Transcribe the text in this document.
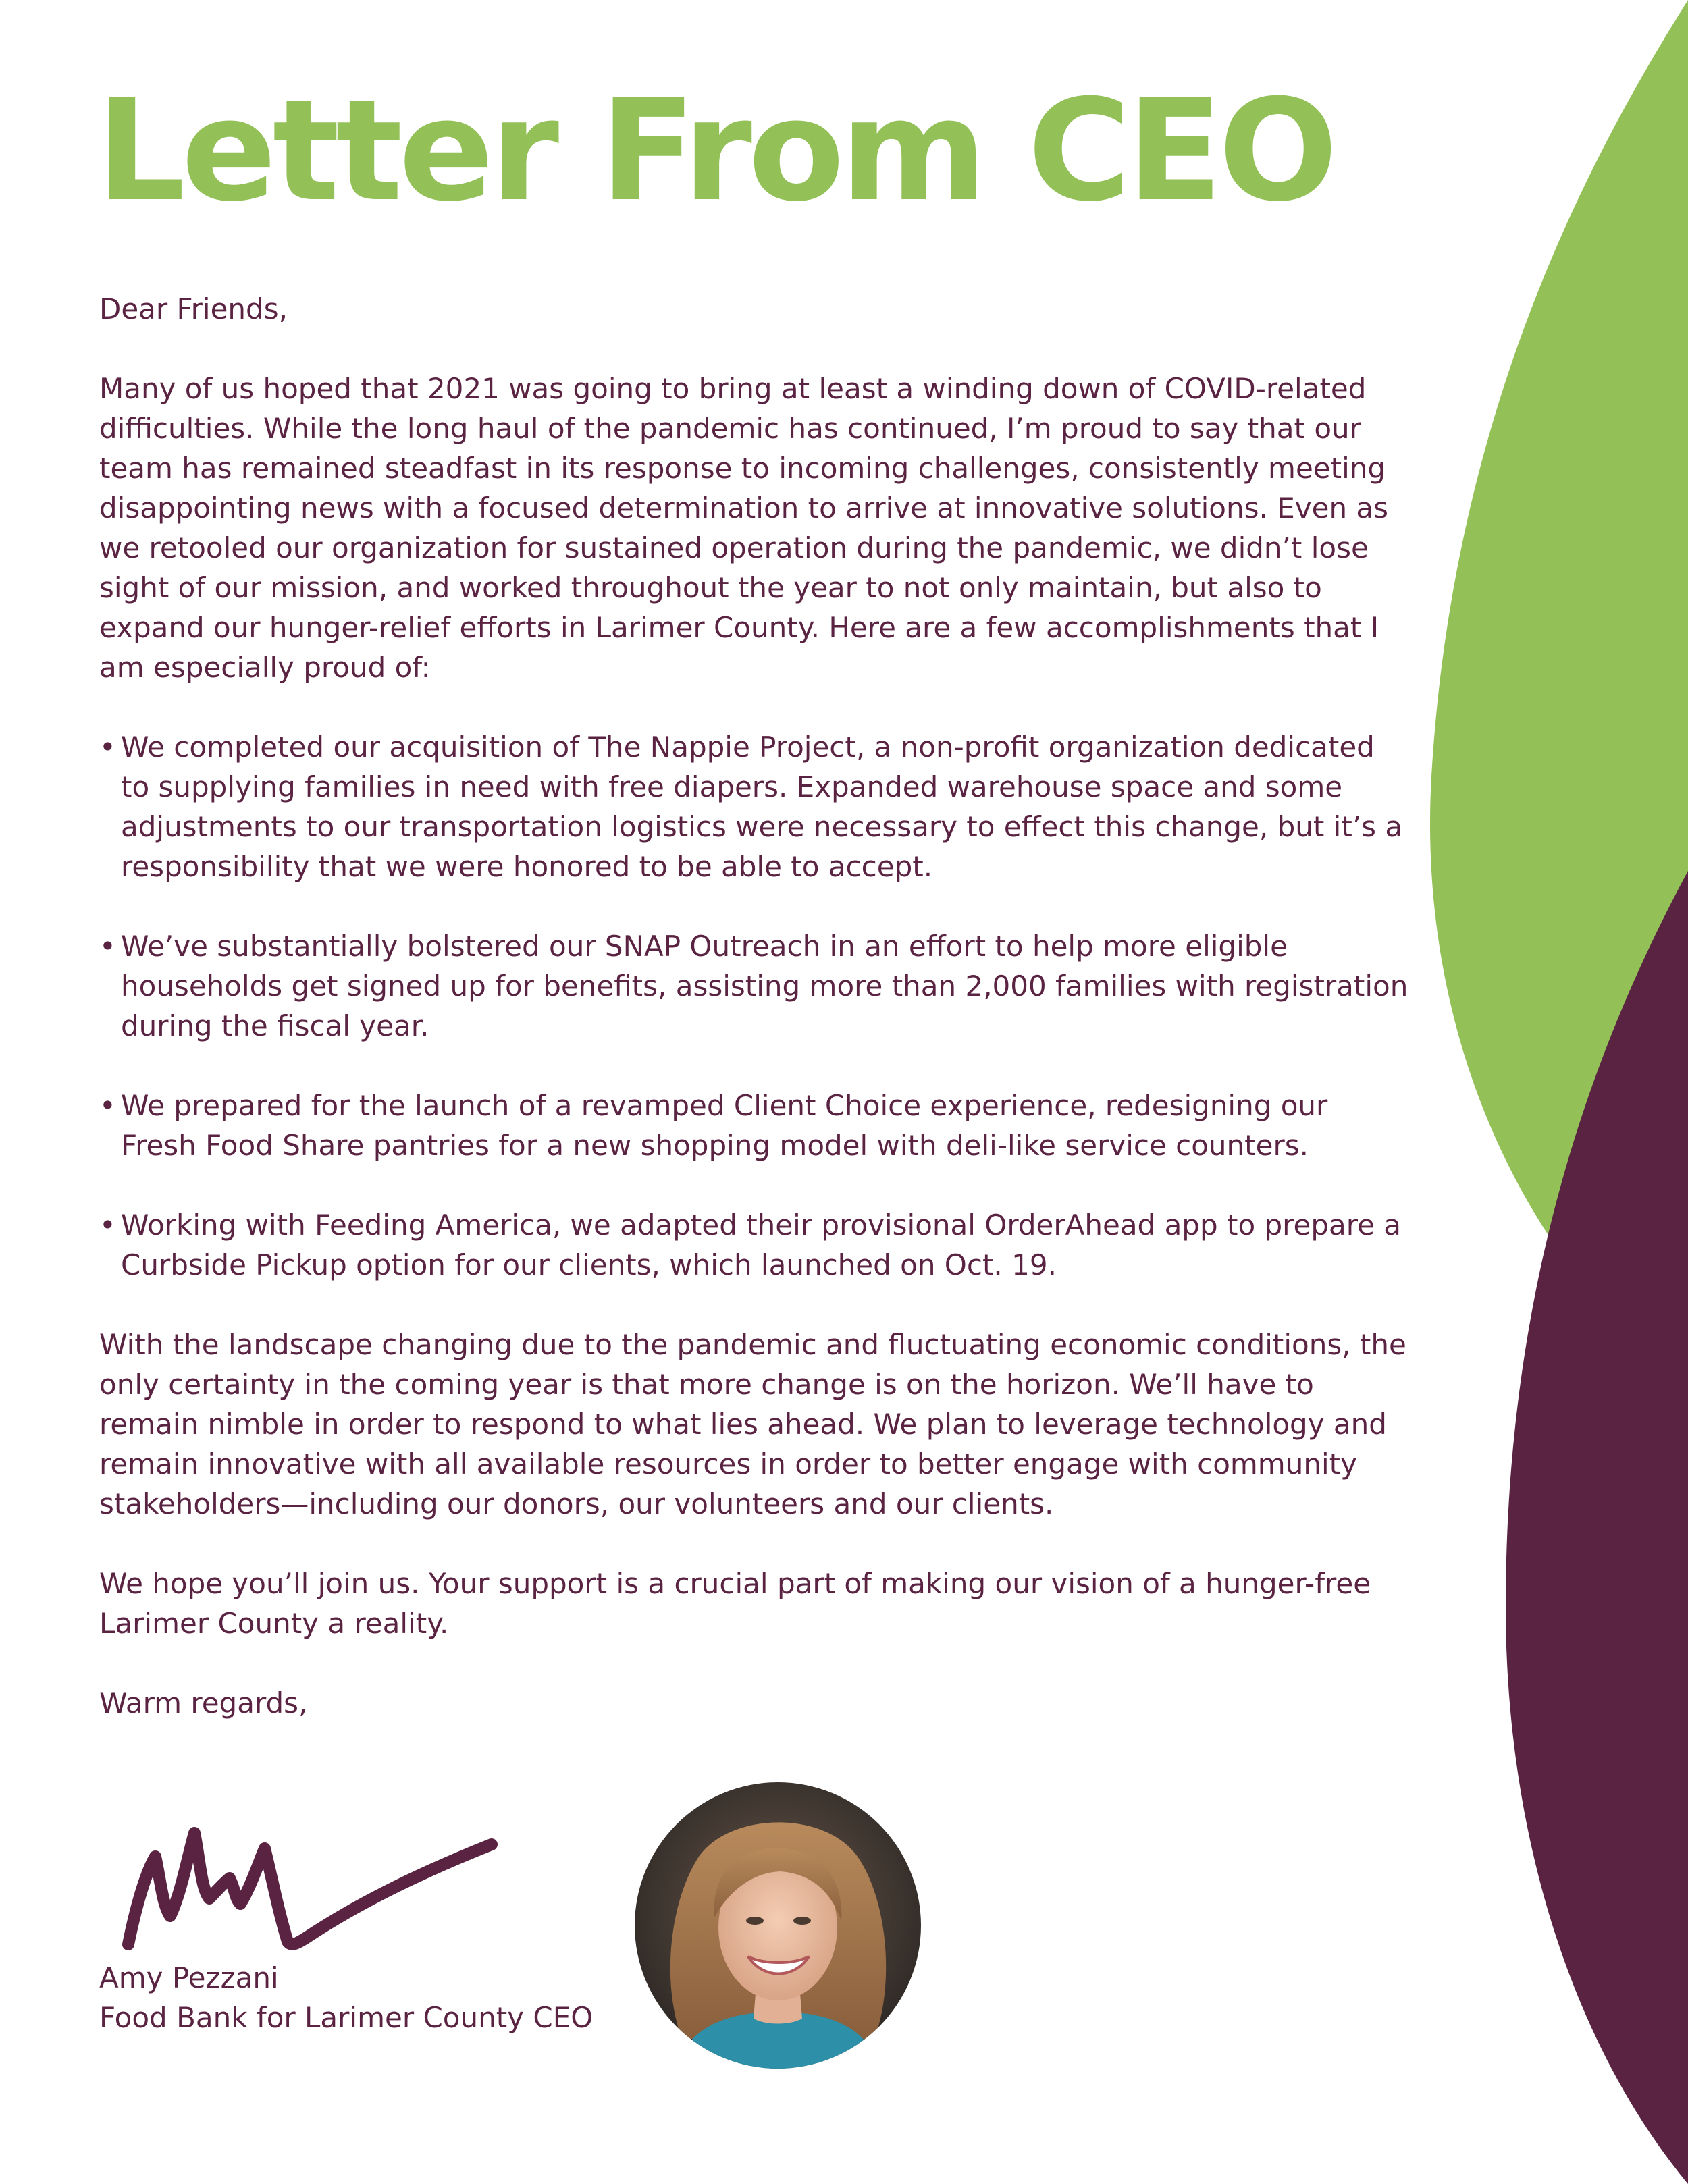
Letter From CEO

Dear Friends,

Many of us hoped that 2021 was going to bring at least a winding down of COVID-related difficulties. While the long haul of the pandemic has continued, I’m proud to say that our team has remained steadfast in its response to incoming challenges, consistently meeting disappointing news with a focused determination to arrive at innovative solutions. Even as we retooled our organization for sustained operation during the pandemic, we didn’t lose sight of our mission, and worked throughout the year to not only maintain, but also to expand our hunger-relief efforts in Larimer County. Here are a few accomplishments that I am especially proud of:

• We completed our acquisition of The Nappie Project, a non-profit organization dedicated to supplying families in need with free diapers. Expanded warehouse space and some adjustments to our transportation logistics were necessary to effect this change, but it’s a responsibility that we were honored to be able to accept.
• We’ve substantially bolstered our SNAP Outreach in an effort to help more eligible households get signed up for benefits, assisting more than 2,000 families with registration during the fiscal year.
• We prepared for the launch of a revamped Client Choice experience, redesigning our Fresh Food Share pantries for a new shopping model with deli-like service counters.
• Working with Feeding America, we adapted their provisional OrderAhead app to prepare a Curbside Pickup option for our clients, which launched on Oct. 19.

With the landscape changing due to the pandemic and fluctuating economic conditions, the only certainty in the coming year is that more change is on the horizon. We’ll have to remain nimble in order to respond to what lies ahead. We plan to leverage technology and remain innovative with all available resources in order to better engage with community stakeholders—including our donors, our volunteers and our clients.

We hope you’ll join us. Your support is a crucial part of making our vision of a hunger-free Larimer County a reality.

Warm regards,

Amy Pezzani

Food Bank for Larimer County CEO
